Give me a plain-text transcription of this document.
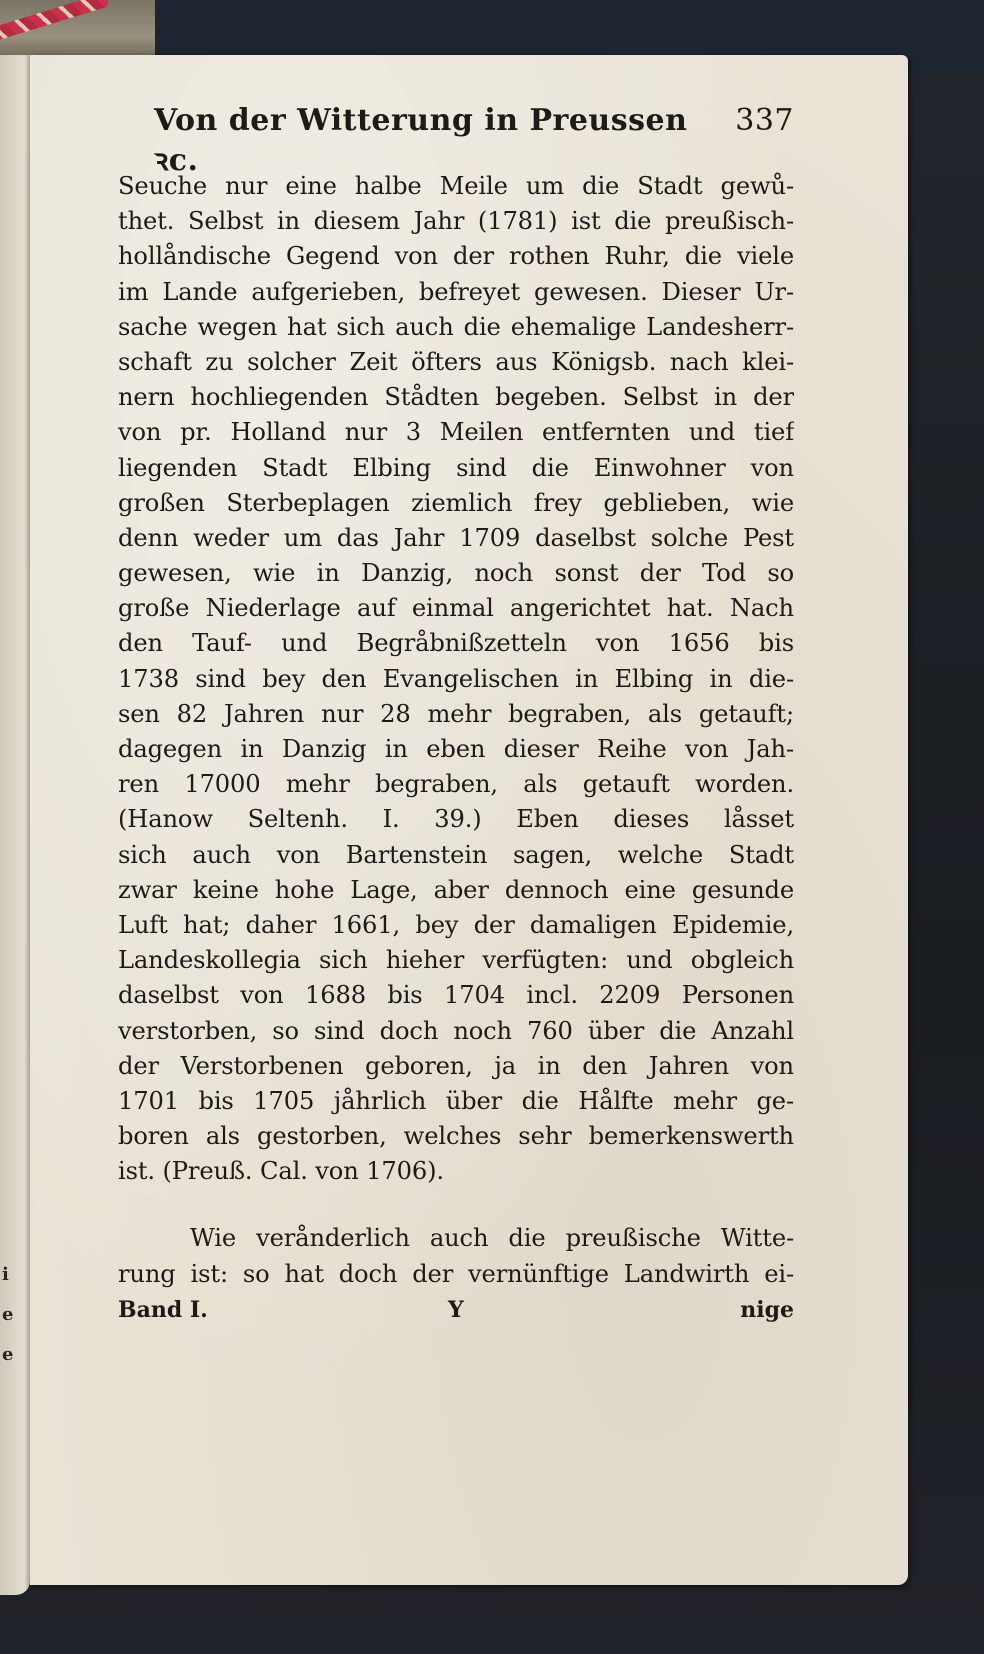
i
e
e
Von der Witterung in Preussen ꝛc.
337
Seuche nur eine halbe Meile um die Stadt gewů-
thet. Selbst in diesem Jahr (1781) ist die preußisch-
hollåndische Gegend von der rothen Ruhr, die viele
im Lande aufgerieben, befreyet gewesen. Dieser Ur-
sache wegen hat sich auch die ehemalige Landesherr-
schaft zu solcher Zeit öfters aus Königsb. nach klei-
nern hochliegenden Stådten begeben. Selbst in der
von pr. Holland nur 3 Meilen entfernten und tief
liegenden Stadt Elbing sind die Einwohner von
großen Sterbeplagen ziemlich frey geblieben, wie
denn weder um das Jahr 1709 daselbst solche Pest
gewesen, wie in Danzig, noch sonst der Tod so
große Niederlage auf einmal angerichtet hat. Nach
den Tauf- und Begråbnißzetteln von 1656 bis
1738 sind bey den Evangelischen in Elbing in die-
sen 82 Jahren nur 28 mehr begraben, als getauft;
dagegen in Danzig in eben dieser Reihe von Jah-
ren 17000 mehr begraben, als getauft worden.
(Hanow Seltenh. I. 39.) Eben dieses låsset
sich auch von Bartenstein sagen, welche Stadt
zwar keine hohe Lage, aber dennoch eine gesunde
Luft hat; daher 1661, bey der damaligen Epidemie,
Landeskollegia sich hieher verfügten: und obgleich
daselbst von 1688 bis 1704 incl. 2209 Personen
verstorben, so sind doch noch 760 über die Anzahl
der Verstorbenen geboren, ja in den Jahren von
1701 bis 1705 jåhrlich über die Hålfte mehr ge-
boren als gestorben, welches sehr bemerkenswerth
ist. (Preuß. Cal. von 1706).
Wie verånderlich auch die preußische Witte-
rung ist: so hat doch der vernünftige Landwirth ei-
Band I.	Y	nige
